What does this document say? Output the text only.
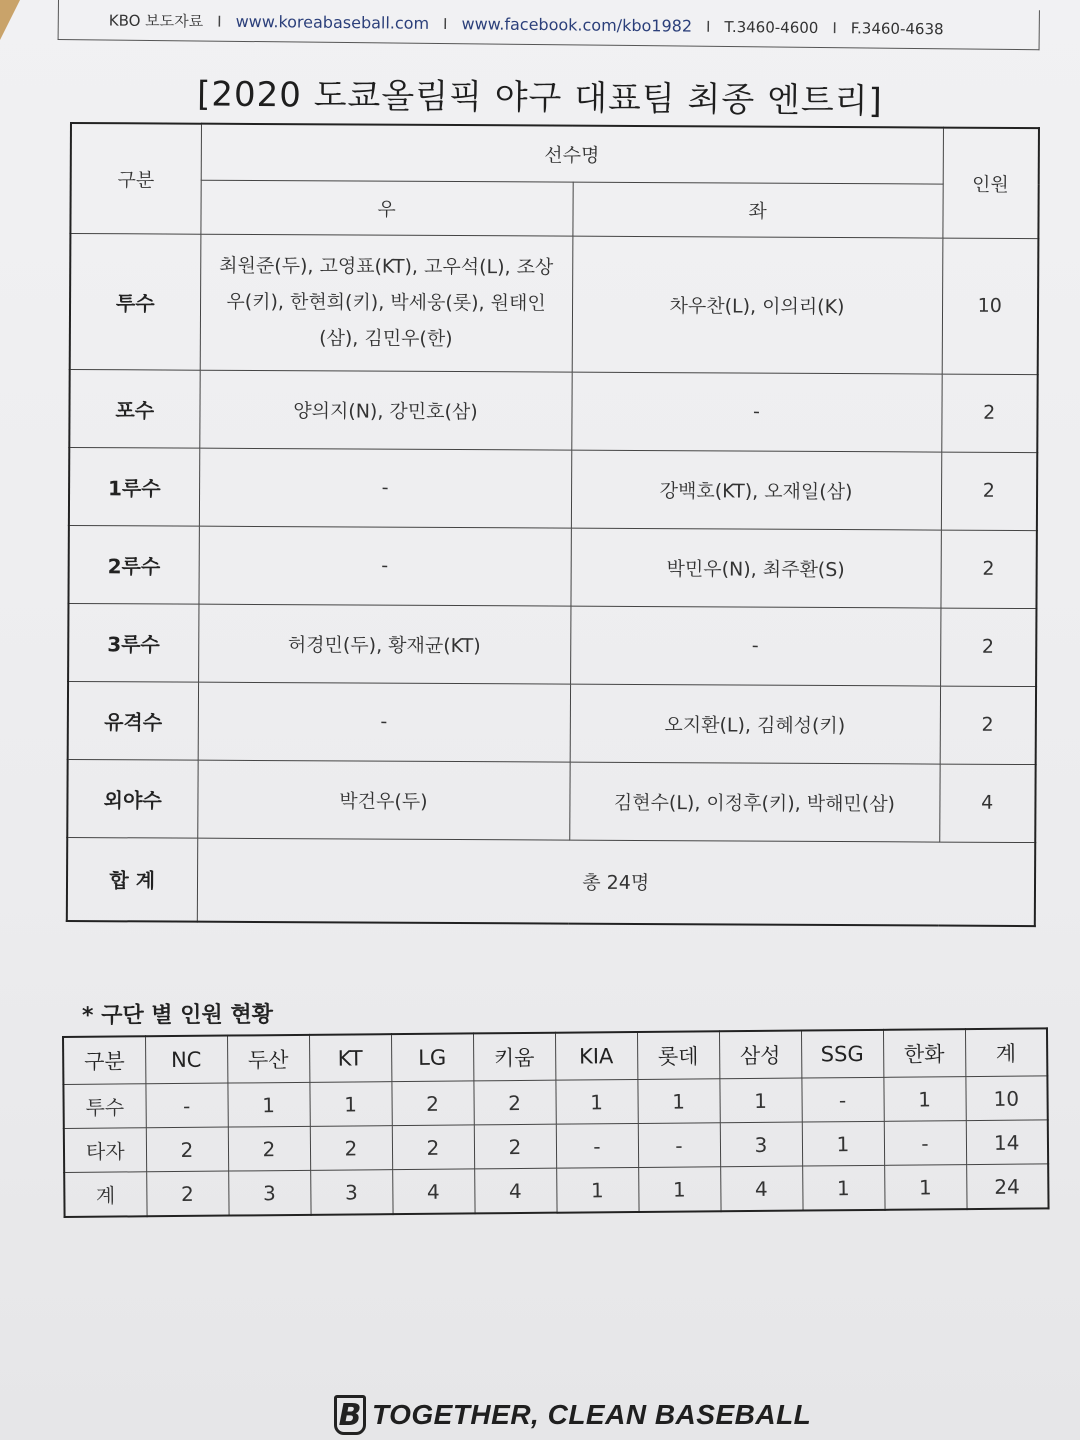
KBO 보도자료 I www.koreabaseball.com I www.facebook.com/kbo1982 I T.3460-4600 I F.3460-4638
[2020 도쿄올림픽 야구 대표팀 최종 엔트리]
구분	선수명		인원
	우	좌	
투수	최원준(두), 고영표(KT), 고우석(L), 조상우(키), 한현희(키), 박세웅(롯), 원태인(삼), 김민우(한)	차우찬(L), 이의리(K)	10
포수	양의지(N), 강민호(삼)	-	2
1루수	-	강백호(KT), 오재일(삼)	2
2루수	-	박민우(N), 최주환(S)	2
3루수	허경민(두), 황재균(KT)	-	2
유격수	-	오지환(L), 김혜성(키)	2
외야수	박건우(두)	김현수(L), 이정후(키), 박해민(삼)	4
합 계	총 24명		
* 구단 별 인원 현황
구분	NC	두산	KT	LG	키움	KIA	롯데	삼성	SSG	한화	계
투수	-	1	1	2	2	1	1	1	-	1	10
타자	2	2	2	2	2	-	-	3	1	-	14
계	2	3	3	4	4	1	1	4	1	1	24
B TOGETHER, CLEAN BASEBALL
